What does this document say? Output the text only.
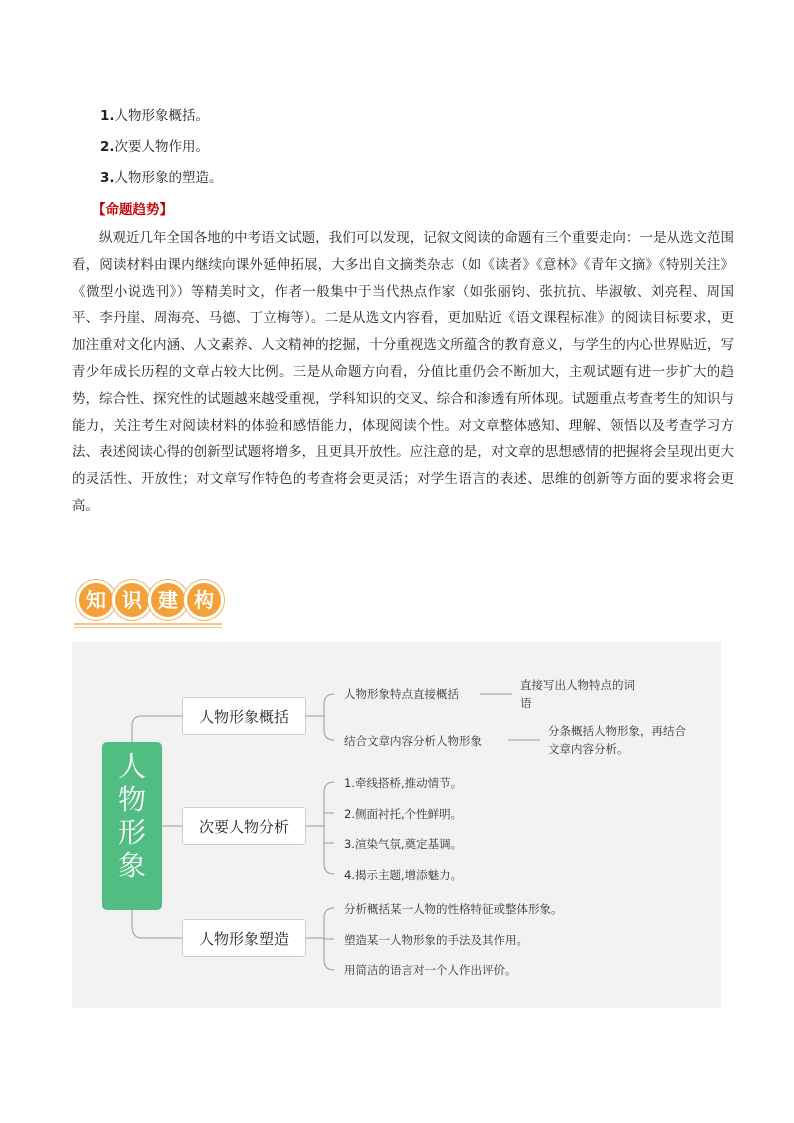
1.人物形象概括。
2.次要人物作用。
3.人物形象的塑造。
【命题趋势】
纵观近几年全国各地的中考语文试题，我们可以发现，记叙文阅读的命题有三个重要走向：一是从选文范围看，阅读材料由课内继续向课外延伸拓展，大多出自文摘类杂志（如《读者》《意林》《青年文摘》《特别关注》《微型小说选刊》）等精美时文，作者一般集中于当代热点作家（如张丽钧、张抗抗、毕淑敏、刘亮程、周国平、李丹崖、周海亮、马德、丁立梅等）。二是从选文内容看，更加贴近《语文课程标准》的阅读目标要求，更加注重对文化内涵、人文素养、人文精神的挖掘，十分重视选文所蕴含的教育意义，与学生的内心世界贴近，写青少年成长历程的文章占较大比例。三是从命题方向看，分值比重仍会不断加大，主观试题有进一步扩大的趋势，综合性、探究性的试题越来越受重视，学科知识的交叉、综合和渗透有所体现。试题重点考查考生的知识与能力，关注考生对阅读材料的体验和感悟能力，体现阅读个性。对文章整体感知、理解、领悟以及考查学习方法、表述阅读心得的创新型试题将增多，且更具开放性。应注意的是，对文章的思想感情的把握将会呈现出更大的灵活性、开放性；对文章写作特色的考查将会更灵活；对学生语言的表述、思维的创新等方面的要求将会更高。
知 识 建 构
人
物
形
象
人物形象概括
次要人物分析
人物形象塑造
人物形象特点直接概括
直接写出人物特点的词语
结合文章内容分析人物形象
分条概括人物形象，再结合文章内容分析。
1.牵线搭桥,推动情节。
2.侧面衬托,个性鲜明。
3.渲染气氛,奠定基调。
4.揭示主题,增添魅力。
分析概括某一人物的性格特征或整体形象。
塑造某一人物形象的手法及其作用。
用简洁的语言对一个人作出评价。
